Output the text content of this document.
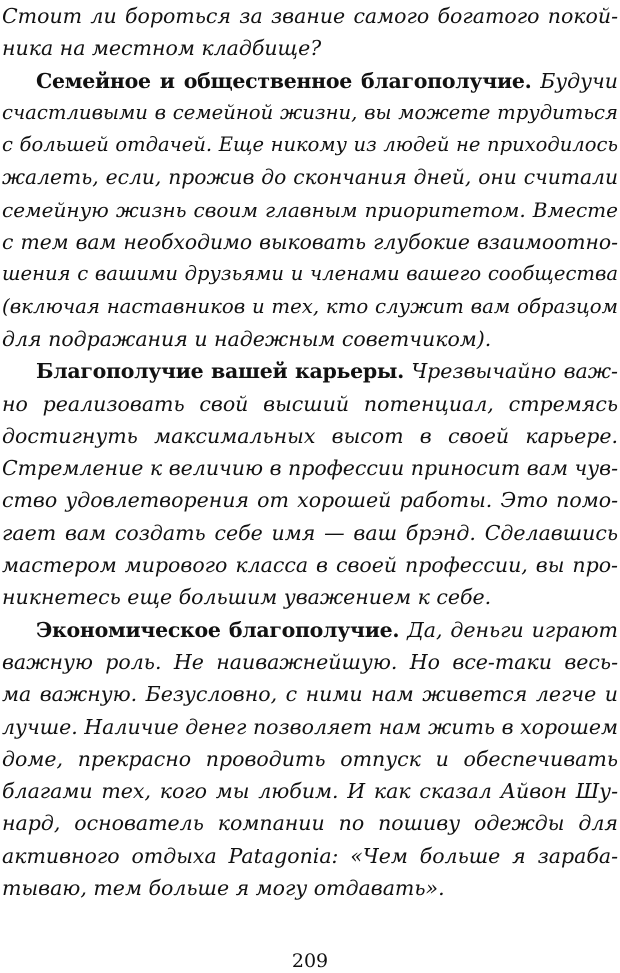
Стоит ли бороться за звание самого богатого покой-
ника на местном кладбище?

Семейное и общественное благополучие. Будучи
счастливыми в семейной жизни, вы можете трудиться
с большей отдачей. Еще никому из людей не приходилось
жалеть, если, прожив до скончания дней, они считали
семейную жизнь своим главным приоритетом. Вместе
с тем вам необходимо выковать глубокие взаимоотно-
шения с вашими друзьями и членами вашего сообщества
(включая наставников и тех, кто служит вам образцом
для подражания и надежным советчиком).

Благополучие вашей карьеры. Чрезвычайно важ-
но реализовать свой высший потенциал, стремясь
достигнуть максимальных высот в своей карьере.
Стремление к величию в профессии приносит вам чув-
ство удовлетворения от хорошей работы. Это помо-
гает вам создать себе имя — ваш брэнд. Сделавшись
мастером мирового класса в своей профессии, вы про-
никнетесь еще большим уважением к себе.

Экономическое благополучие. Да, деньги играют
важную роль. Не наиважнейшую. Но все-таки весь-
ма важную. Безусловно, с ними нам живется легче и
лучше. Наличие денег позволяет нам жить в хорошем
доме, прекрасно проводить отпуск и обеспечивать
благами тех, кого мы любим. И как сказал Айвон Шу-
нард, основатель компании по пошиву одежды для
активного отдыха Patagonia: «Чем больше я зараба-
тываю, тем больше я могу отдавать».

209
